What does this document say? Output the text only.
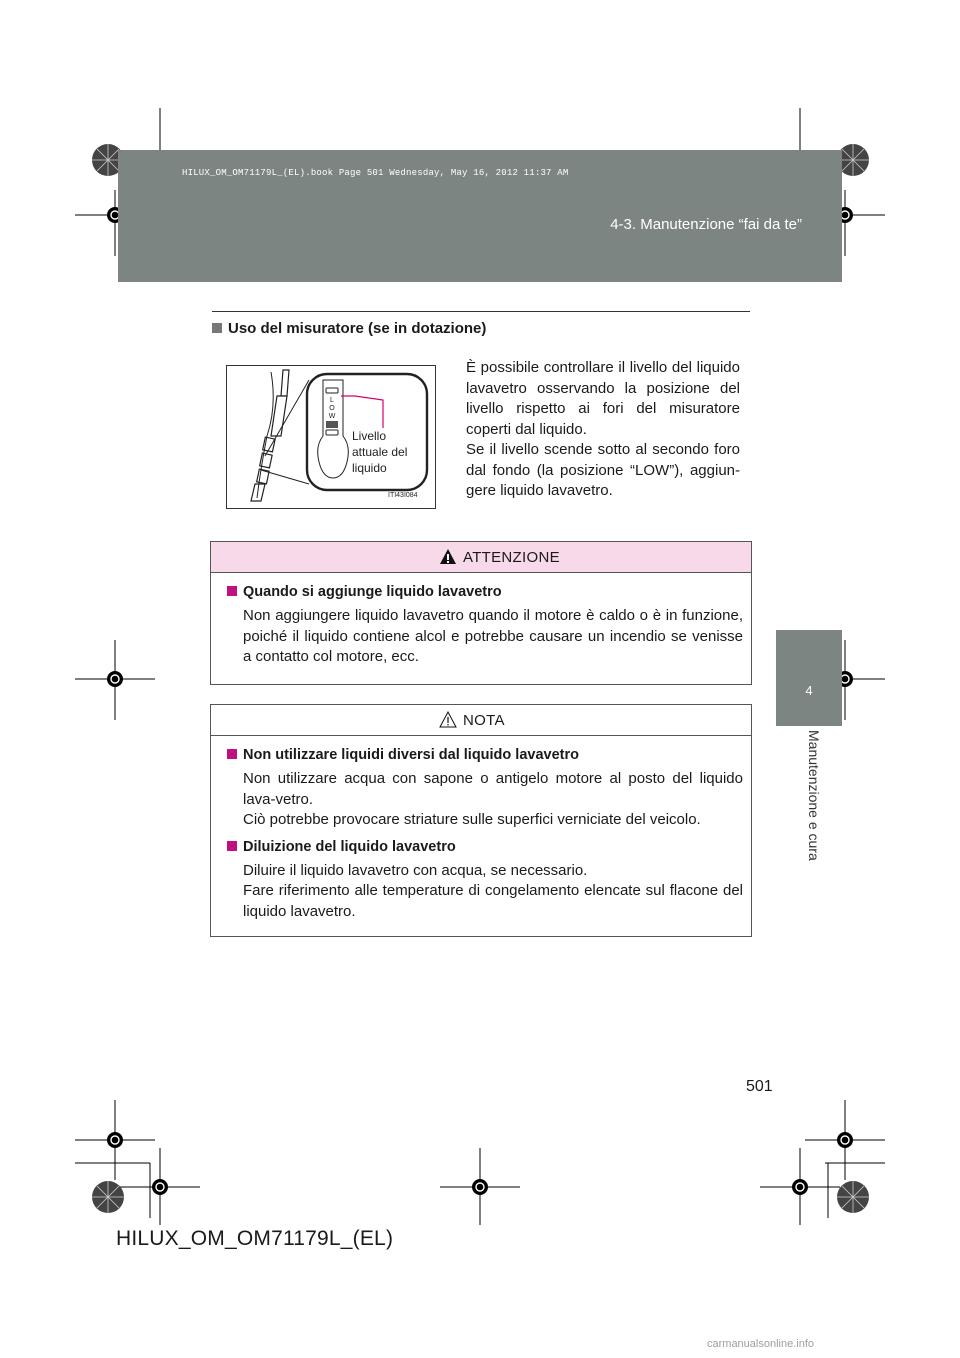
HILUX_OM_OM71179L_(EL).book Page 501 Wednesday, May 16, 2012 11:37 AM
4-3. Manutenzione “fai da te”
4
Manutenzione e cura
Uso del misuratore (se in dotazione)

È possibile controllare il livello del liquido lavavetro osservando la posizione del livello rispetto ai fori del misuratore coperti dal liquido.

Se il livello scende sotto al secondo foro dal fondo (la posizione “LOW”), aggiun-gere liquido lavavetro.

L
O
W
Livello
attuale del
liquido
ITI43I084
ATTENZIONE
Quando si aggiunge liquido lavavetro
Non aggiungere liquido lavavetro quando il motore è caldo o è in funzione, poiché il liquido contiene alcol e potrebbe causare un incendio se venisse a contatto col motore, ecc.
NOTA
Non utilizzare liquidi diversi dal liquido lavavetro
Non utilizzare acqua con sapone o antigelo motore al posto del liquido lava-vetro.
Ciò potrebbe provocare striature sulle superfici verniciate del veicolo.
Diluizione del liquido lavavetro
Diluire il liquido lavavetro con acqua, se necessario.
Fare riferimento alle temperature di congelamento elencate sul flacone del liquido lavavetro.
501
HILUX_OM_OM71179L_(EL)
carmanualsonline.info
